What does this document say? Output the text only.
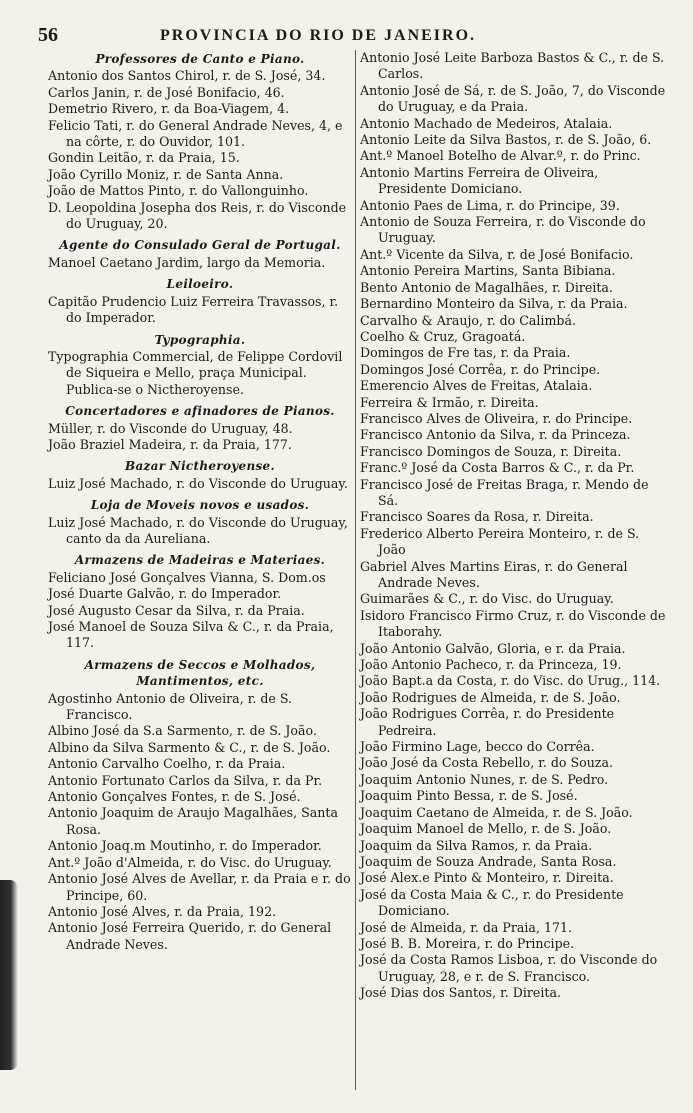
56	PROVINCIA DO RIO DE JANEIRO.
Professores de Canto e Piano.
Antonio dos Santos Chirol, r. de S. José, 34.
Carlos Janin, r. de José Bonifacio, 46.
Demetrio Rivero, r. da Boa-Viagem, 4.
Felicio Tati, r. do General Andrade Neves, 4, e na côrte, r. do Ouvidor, 101.
Gondin Leitão, r. da Praia, 15.
João Cyrillo Moniz, r. de Santa Anna.
João de Mattos Pinto, r. do Vallonguinho.
D. Leopoldina Josepha dos Reis, r. do Visconde do Uruguay, 20.
Agente do Consulado Geral de Portugal.
Manoel Caetano Jardim, largo da Memoria.
Leiloeiro.
Capitão Prudencio Luiz Ferreira Travassos, r. do Imperador.
Typographia.
Typographia Commercial, de Felippe Cordovil de Siqueira e Mello, praça Municipal. Publica-se o Nictheroyense.
Concertadores e afinadores de Pianos.
Müller, r. do Visconde do Uruguay, 48.
João Braziel Madeira, r. da Praia, 177.
Bazar Nictheroyense.
Luiz José Machado, r. do Visconde do Uruguay.
Loja de Moveis novos e usados.
Luiz José Machado, r. do Visconde do Uruguay, canto da da Aureliana.
Armazens de Madeiras e Materiaes.
Feliciano José Gonçalves Vianna, S. Dom.os
José Duarte Galvão, r. do Imperador.
José Augusto Cesar da Silva, r. da Praia.
José Manoel de Souza Silva & C., r. da Praia, 117.
Armazens de Seccos e Molhados, Mantimentos, etc.
Agostinho Antonio de Oliveira, r. de S. Francisco.
Albino José da S.a Sarmento, r. de S. João.
Albino da Silva Sarmento & C., r. de S. João.
Antonio Carvalho Coelho, r. da Praia.
Antonio Fortunato Carlos da Silva, r. da Pr.
Antonio Gonçalves Fontes, r. de S. José.
Antonio Joaquim de Araujo Magalhães, Santa Rosa.
Antonio Joaq.m Moutinho, r. do Imperador.
Ant.º João d'Almeida, r. do Visc. do Uruguay.
Antonio José Alves de Avellar, r. da Praia e r. do Principe, 60.
Antonio José Alves, r. da Praia, 192.
Antonio José Ferreira Querido, r. do General Andrade Neves.
Antonio José Leite Barboza Bastos & C., r. de S. Carlos.
Antonio José de Sá, r. de S. João, 7, do Visconde do Uruguay, e da Praia.
Antonio Machado de Medeiros, Atalaia.
Antonio Leite da Silva Bastos, r. de S. João, 6.
Ant.º Manoel Botelho de Alvar.º, r. do Princ.
Antonio Martins Ferreira de Oliveira, Presidente Domiciano.
Antonio Paes de Lima, r. do Principe, 39.
Antonio de Souza Ferreira, r. do Visconde do Uruguay.
Ant.º Vicente da Silva, r. de José Bonifacio.
Antonio Pereira Martins, Santa Bibiana.
Bento Antonio de Magalhães, r. Direita.
Bernardino Monteiro da Silva, r. da Praia.
Carvalho & Araujo, r. do Calimbá.
Coelho & Cruz, Gragoatá.
Domingos de Fre tas, r. da Praia.
Domingos José Corrêa, r. do Principe.
Emerencio Alves de Freitas, Atalaia.
Ferreira & Irmão, r. Direita.
Francisco Alves de Oliveira, r. do Principe.
Francisco Antonio da Silva, r. da Princeza.
Francisco Domingos de Souza, r. Direita.
Franc.º José da Costa Barros & C., r. da Pr.
Francisco José de Freitas Braga, r. Mendo de Sá.
Francisco Soares da Rosa, r. Direita.
Frederico Alberto Pereira Monteiro, r. de S. João
Gabriel Alves Martins Eiras, r. do General Andrade Neves.
Guimarães & C., r. do Visc. do Uruguay.
Isidoro Francisco Firmo Cruz, r. do Visconde de Itaborahy.
João Antonio Galvão, Gloria, e r. da Praia.
João Antonio Pacheco, r. da Princeza, 19.
João Bapt.a da Costa, r. do Visc. do Urug., 114.
João Rodrigues de Almeida, r. de S. João.
João Rodrigues Corrêa, r. do Presidente Pedreira.
João Firmino Lage, becco do Corrêa.
João José da Costa Rebello, r. do Souza.
Joaquim Antonio Nunes, r. de S. Pedro.
Joaquim Pinto Bessa, r. de S. José.
Joaquim Caetano de Almeida, r. de S. João.
Joaquim Manoel de Mello, r. de S. João.
Joaquim da Silva Ramos, r. da Praia.
Joaquim de Souza Andrade, Santa Rosa.
José Alex.e Pinto & Monteiro, r. Direita.
José da Costa Maia & C., r. do Presidente Domiciano.
José de Almeida, r. da Praia, 171.
José B. B. Moreira, r. do Principe.
José da Costa Ramos Lisboa, r. do Visconde do Uruguay, 28, e r. de S. Francisco.
José Dias dos Santos, r. Direita.
